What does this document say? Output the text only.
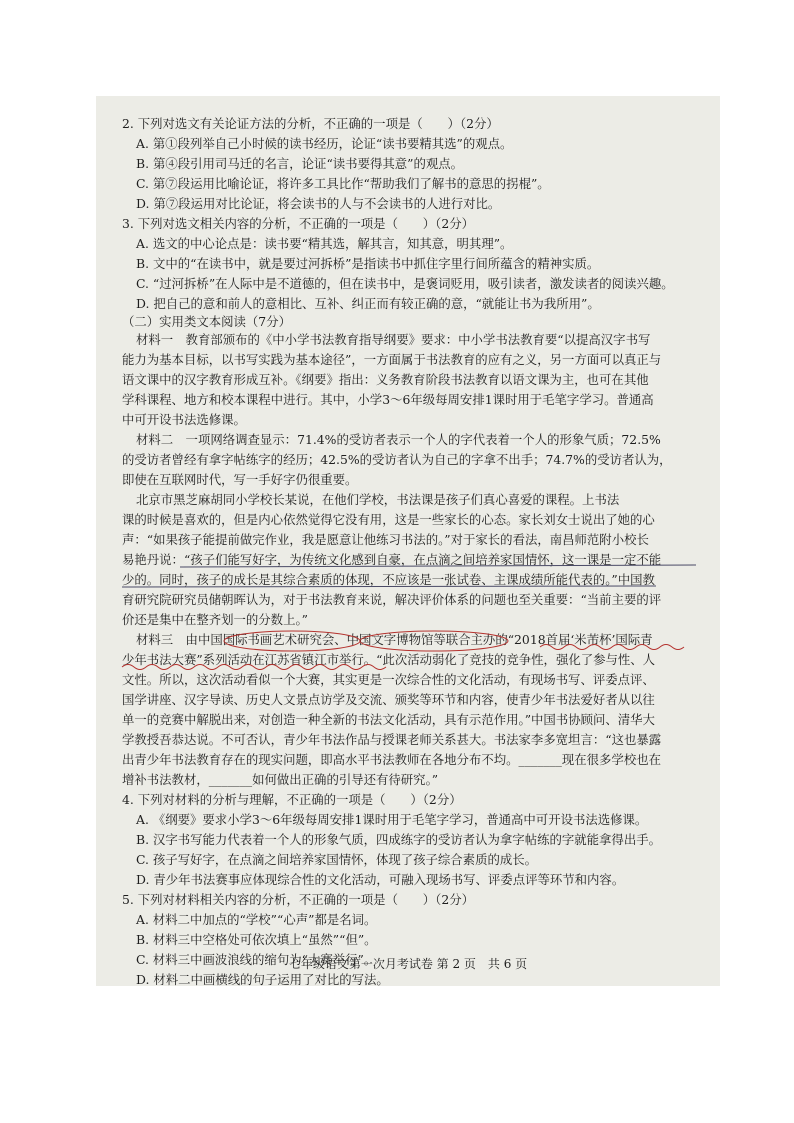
2. 下列对选文有关论证方法的分析，不正确的一项是（　　）（2分）
A. 第①段列举自己小时候的读书经历，论证“读书要精其选”的观点。
B. 第④段引用司马迁的名言，论证“读书要得其意”的观点。
C. 第⑦段运用比喻论证，将许多工具比作“帮助我们了解书的意思的拐棍”。
D. 第⑦段运用对比论证，将会读书的人与不会读书的人进行对比。
3. 下列对选文相关内容的分析，不正确的一项是（　　）（2分）
A. 选文的中心论点是：读书要“精其选，解其言，知其意，明其理”。
B. 文中的“在读书中，就是要过河拆桥”是指读书中抓住字里行间所蕴含的精神实质。
C. “过河拆桥”在人际中是不道德的，但在读书中，是褒词贬用，吸引读者，激发读者的阅读兴趣。
D. 把自己的意和前人的意相比、互补、纠正而有较正确的意，“就能让书为我所用”。
（二）实用类文本阅读（7分）
材料一　教育部颁布的《中小学书法教育指导纲要》要求：中小学书法教育要“以提高汉字书写
能力为基本目标，以书写实践为基本途径”，一方面属于书法教育的应有之义，另一方面可以真正与
语文课中的汉字教育形成互补。《纲要》指出：义务教育阶段书法教育以语文课为主，也可在其他
学科课程、地方和校本课程中进行。其中，小学3～6年级每周安排1课时用于毛笔字学习。普通高
中可开设书法选修课。
材料二　一项网络调查显示：71.4%的受访者表示一个人的字代表着一个人的形象气质；72.5%
的受访者曾经有拿字帖练字的经历；42.5%的受访者认为自己的字拿不出手；74.7%的受访者认为，
即使在互联网时代，写一手好字仍很重要。
北京市黑芝麻胡同小学校长某说，在他们学校，书法课是孩子们真心喜爱的课程。上书法
课的时候是喜欢的，但是内心依然觉得它没有用，这是一些家长的心态。家长刘女士说出了她的心
声：“如果孩子能提前做完作业，我是愿意让他练习书法的。”对于家长的看法，南昌师范附小校长
易艳丹说：“孩子们能写好字，为传统文化感到自豪，在点滴之间培养家国情怀，这一课是一定不能
少的。同时，孩子的成长是其综合素质的体现，不应该是一张试卷、主课成绩所能代表的。”中国教
育研究院研究员储朝晖认为，对于书法教育来说，解决评价体系的问题也至关重要：“当前主要的评
价还是集中在整齐划一的分数上。”
材料三　由中国国际书画艺术研究会、中国文字博物馆等联合主办的“2018首届‘米芾杯’国际青
少年书法大赛”系列活动在江苏省镇江市举行。“此次活动弱化了竞技的竞争性，强化了参与性、人
文性。所以，这次活动看似一个大赛，其实更是一次综合性的文化活动，有现场书写、评委点评、
国学讲座、汉字导读、历史人文景点访学及交流、颁奖等环节和内容，使青少年书法爱好者从以往
单一的竞赛中解脱出来，对创造一种全新的书法文化活动，具有示范作用。”中国书协顾问、清华大
学教授吾恭达说。不可否认，青少年书法作品与授课老师关系甚大。书法家李多宽坦言：“这也暴露
出青少年书法教育存在的现实问题，即高水平书法教师在各地分布不均。_______现在很多学校也在
增补书法教材，_______如何做出正确的引导还有待研究。”
4. 下列对材料的分析与理解，不正确的一项是（　　）（2分）
A. 《纲要》要求小学3～6年级每周安排1课时用于毛笔字学习，普通高中可开设书法选修课。
B. 汉字书写能力代表着一个人的形象气质，四成练字的受访者认为拿字帖练的字就能拿得出手。
C. 孩子写好字，在点滴之间培养家国情怀，体现了孩子综合素质的成长。
D. 青少年书法赛事应体现综合性的文化活动，可融入现场书写、评委点评等环节和内容。
5. 下列对材料相关内容的分析，不正确的一项是（　　）（2分）
A. 材料二中加点的“学校”“心声”都是名词。
B. 材料三中空格处可依次填上“虽然”“但”。
C. 材料三中画波浪线的缩句为“大赛举行”。
D. 材料二中画横线的句子运用了对比的写法。
七年级语文第一次月考试卷 第 2 页　共 6 页
